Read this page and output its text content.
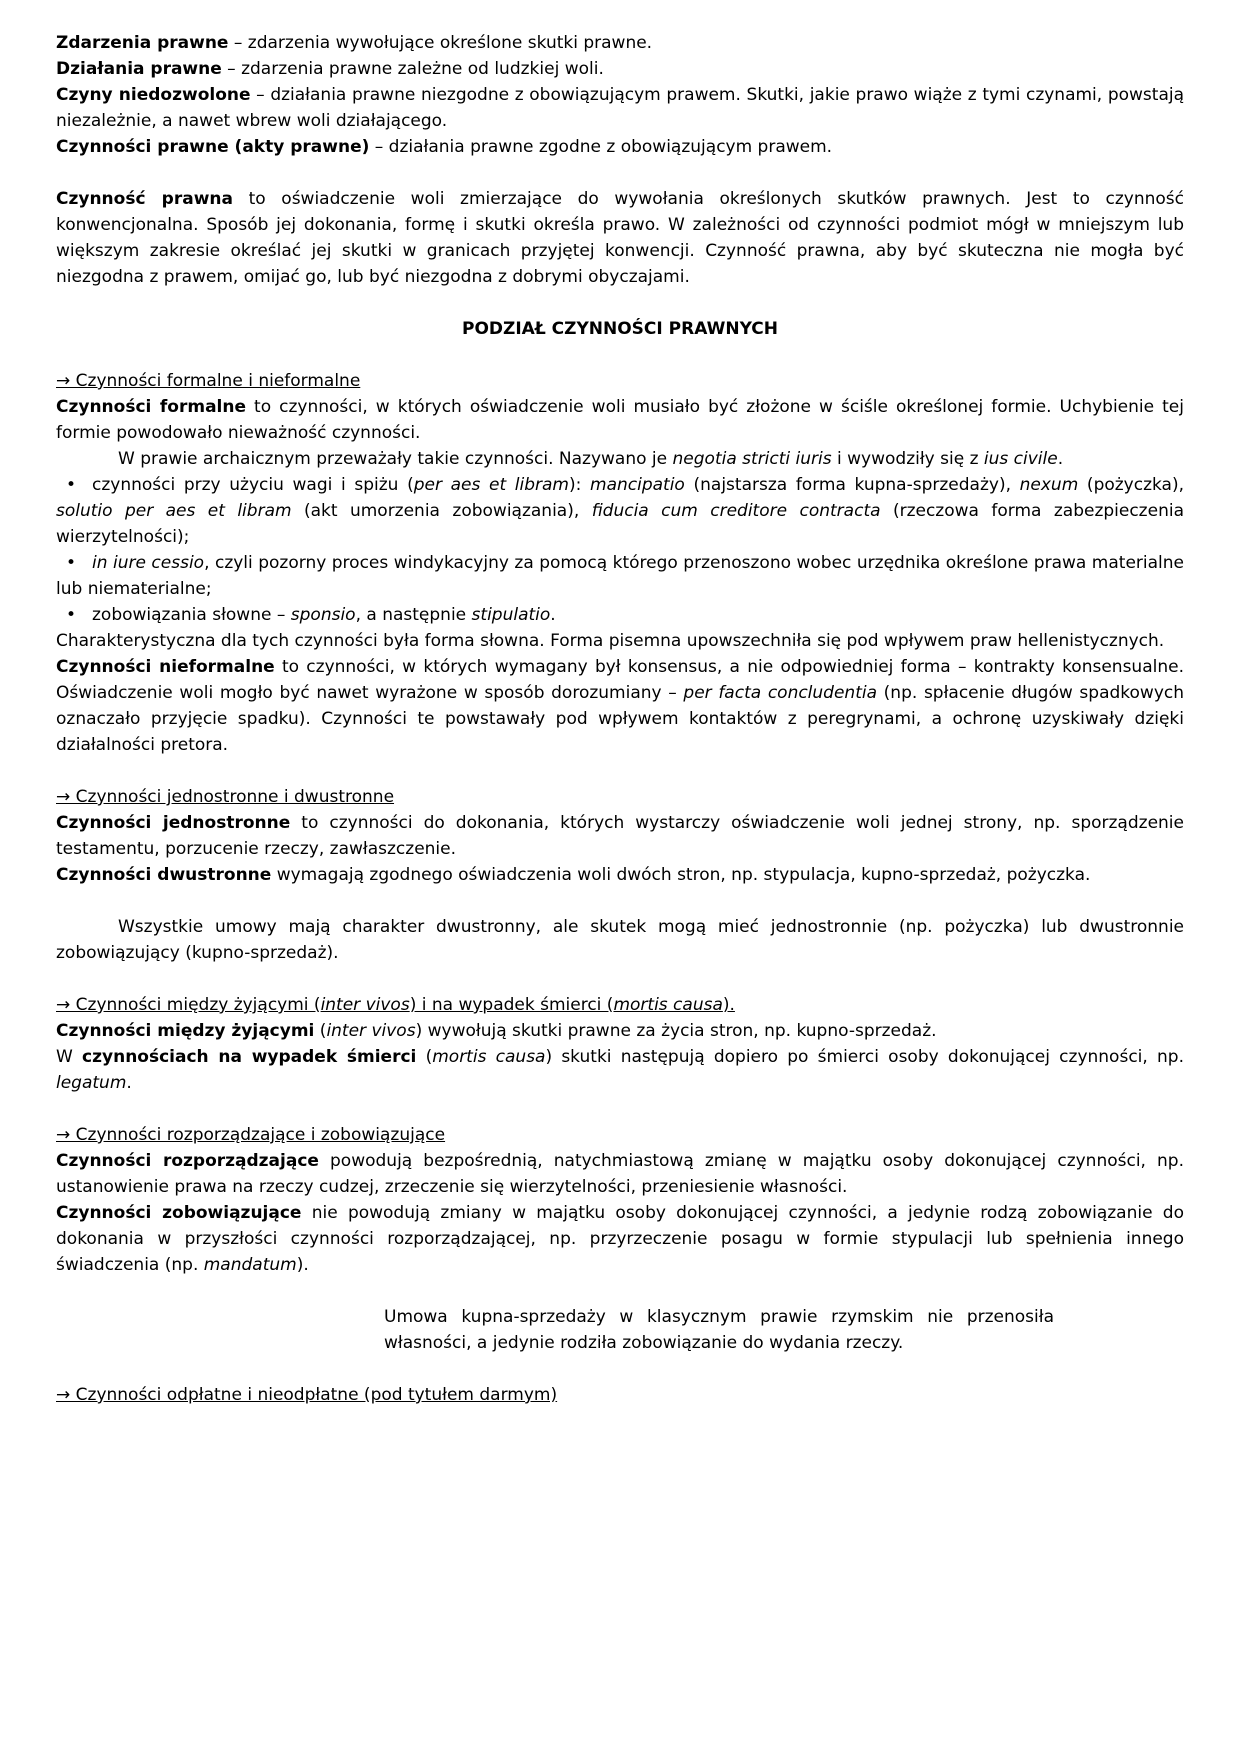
Zdarzenia prawne – zdarzenia wywołujące określone skutki prawne.
Działania prawne – zdarzenia prawne zależne od ludzkiej woli.
Czyny niedozwolone – działania prawne niezgodne z obowiązującym prawem. Skutki, jakie prawo wiąże z tymi czynami, powstają niezależnie, a nawet wbrew woli działającego.
Czynności prawne (akty prawne) – działania prawne zgodne z obowiązującym prawem.
Czynność prawna to oświadczenie woli zmierzające do wywołania określonych skutków prawnych. Jest to czynność konwencjonalna. Sposób jej dokonania, formę i skutki określa prawo. W zależności od czynności podmiot mógł w mniejszym lub większym zakresie określać jej skutki w granicach przyjętej konwencji. Czynność prawna, aby być skuteczna nie mogła być niezgodna z prawem, omijać go, lub być niezgodna z dobrymi obyczajami.
PODZIAŁ CZYNNOŚCI PRAWNYCH
→ Czynności formalne i nieformalne
Czynności formalne to czynności, w których oświadczenie woli musiało być złożone w ściśle określonej formie. Uchybienie tej formie powodowało nieważność czynności.
W prawie archaicznym przeważały takie czynności. Nazywano je negotia stricti iuris i wywodziły się z ius civile.
• czynności przy użyciu wagi i spiżu (per aes et libram): mancipatio (najstarsza forma kupna-sprzedaży), nexum (pożyczka), solutio per aes et libram (akt umorzenia zobowiązania), fiducia cum creditore contracta (rzeczowa forma zabezpieczenia wierzytelności);
• in iure cessio, czyli pozorny proces windykacyjny za pomocą którego przenoszono wobec urzędnika określone prawa materialne lub niematerialne;
• zobowiązania słowne – sponsio, a następnie stipulatio.
Charakterystyczna dla tych czynności była forma słowna. Forma pisemna upowszechniła się pod wpływem praw hellenistycznych.
Czynności nieformalne to czynności, w których wymagany był konsensus, a nie odpowiedniej forma – kontrakty konsensualne. Oświadczenie woli mogło być nawet wyrażone w sposób dorozumiany – per facta concludentia (np. spłacenie długów spadkowych oznaczało przyjęcie spadku). Czynności te powstawały pod wpływem kontaktów z peregrynami, a ochronę uzyskiwały dzięki działalności pretora.
→ Czynności jednostronne i dwustronne
Czynności jednostronne to czynności do dokonania, których wystarczy oświadczenie woli jednej strony, np. sporządzenie testamentu, porzucenie rzeczy, zawłaszczenie.
Czynności dwustronne wymagają zgodnego oświadczenia woli dwóch stron, np. stypulacja, kupno-sprzedaż, pożyczka.
Wszystkie umowy mają charakter dwustronny, ale skutek mogą mieć jednostronnie (np. pożyczka) lub dwustronnie zobowiązujący (kupno-sprzedaż).
→ Czynności między żyjącymi (inter vivos) i na wypadek śmierci (mortis causa).
Czynności między żyjącymi (inter vivos) wywołują skutki prawne za życia stron, np. kupno-sprzedaż.
W czynnościach na wypadek śmierci (mortis causa) skutki następują dopiero po śmierci osoby dokonującej czynności, np. legatum.
→ Czynności rozporządzające i zobowiązujące
Czynności rozporządzające powodują bezpośrednią, natychmiastową zmianę w majątku osoby dokonującej czynności, np. ustanowienie prawa na rzeczy cudzej, zrzeczenie się wierzytelności, przeniesienie własności.
Czynności zobowiązujące nie powodują zmiany w majątku osoby dokonującej czynności, a jedynie rodzą zobowiązanie do dokonania w przyszłości czynności rozporządzającej, np. przyrzeczenie posagu w formie stypulacji lub spełnienia innego świadczenia (np. mandatum).
Umowa kupna-sprzedaży w klasycznym prawie rzymskim nie przenosiła własności, a jedynie rodziła zobowiązanie do wydania rzeczy.
→ Czynności odpłatne i nieodpłatne (pod tytułem darmym)
